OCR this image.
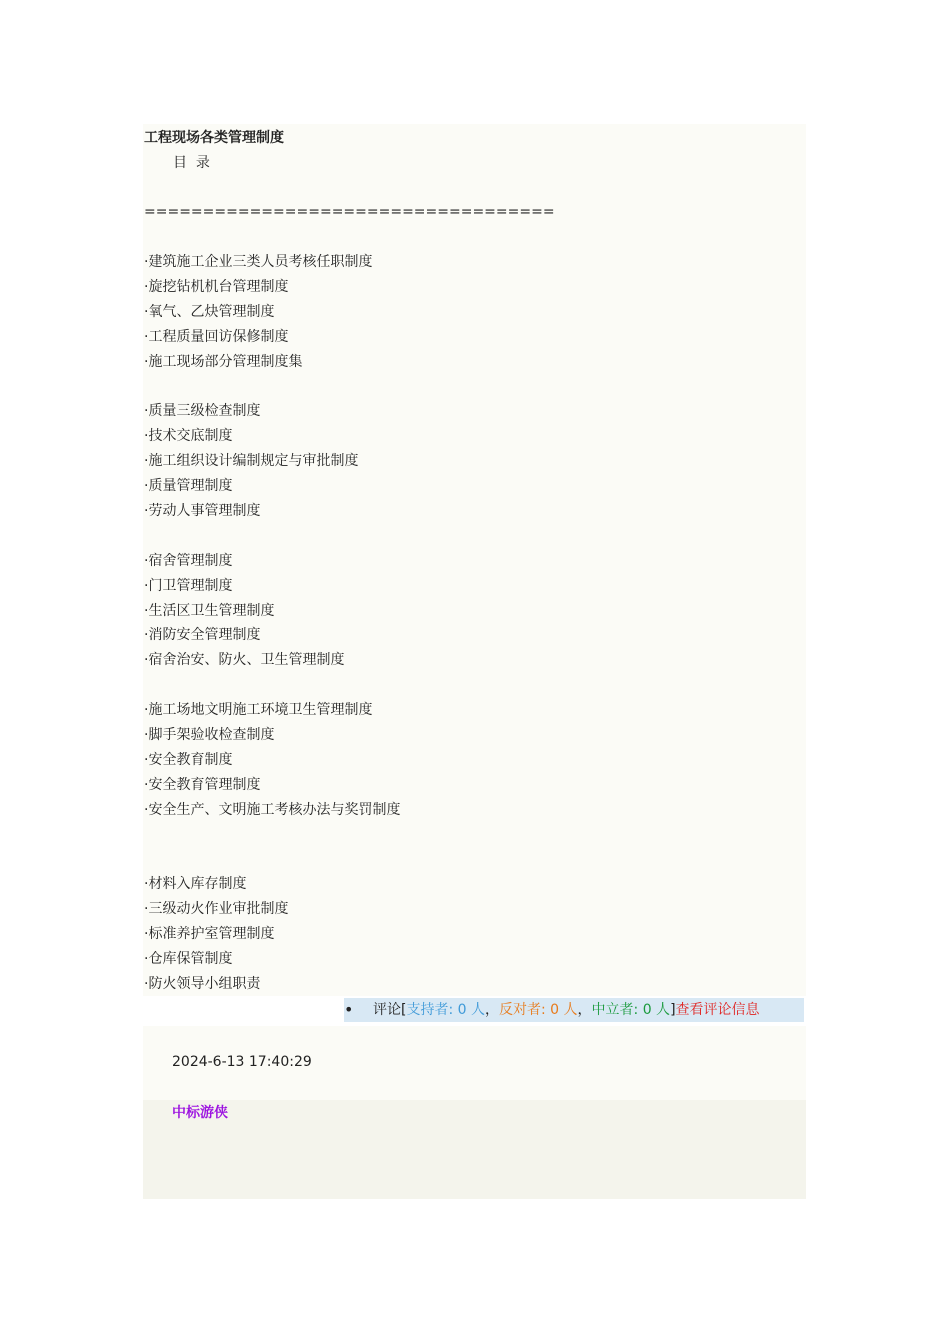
工程现场各类管理制度
目  录
===================================
·建筑施工企业三类人员考核任职制度
·旋挖钻机机台管理制度
·氧气、乙炔管理制度
·工程质量回访保修制度
·施工现场部分管理制度集
·质量三级检查制度
·技术交底制度
·施工组织设计编制规定与审批制度
·质量管理制度
·劳动人事管理制度
·宿舍管理制度
·门卫管理制度
·生活区卫生管理制度
·消防安全管理制度
·宿舍治安、防火、卫生管理制度
·施工场地文明施工环境卫生管理制度
·脚手架验收检查制度
·安全教育制度
·安全教育管理制度
·安全生产、文明施工考核办法与奖罚制度
·材料入库存制度
·三级动火作业审批制度
·标准养护室管理制度
·仓库保管制度
·防火领导小组职责
• 评论[支持者: 0 人，反对者: 0 人，中立者: 0 人]查看评论信息
2024-6-13 17:40:29
中标游侠
